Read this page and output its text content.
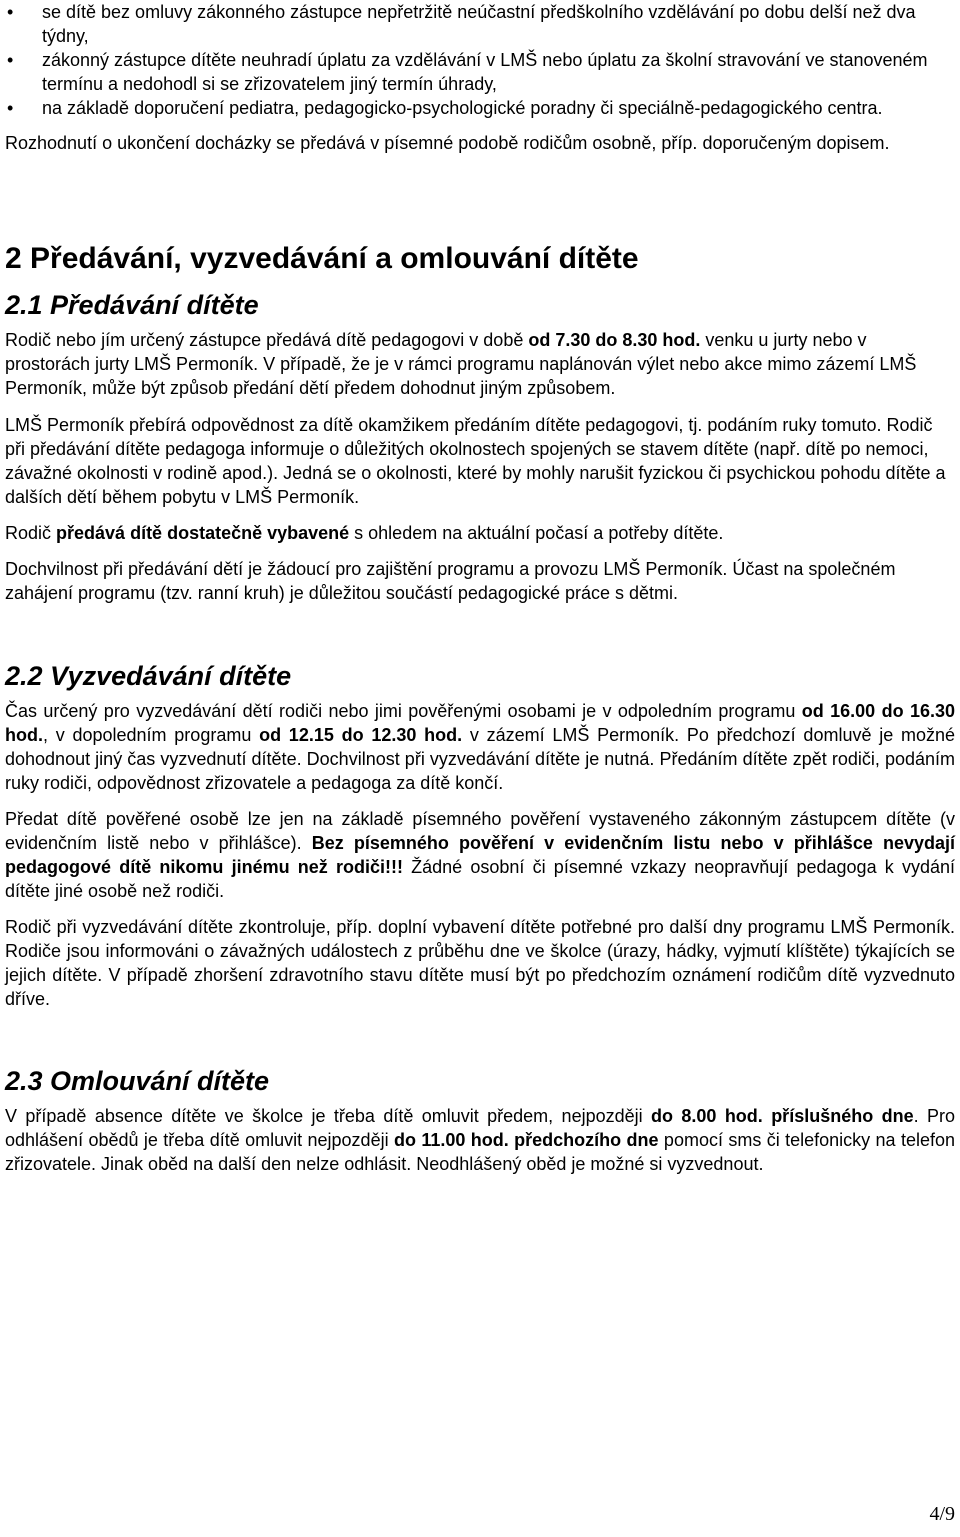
• se dítě bez omluvy zákonného zástupce nepřetržitě neúčastní předškolního vzdělávání po dobu delší než dva týdny,
• zákonný zástupce dítěte neuhradí úplatu za vzdělávání v LMŠ nebo úplatu za školní stravování ve stanoveném termínu a nedohodl si se zřizovatelem jiný termín úhrady,
• na základě doporučení pediatra, pedagogicko-psychologické poradny či speciálně-pedagogického centra.

Rozhodnutí o ukončení docházky se předává v písemné podobě rodičům osobně, příp. doporučeným dopisem.

2 Předávání, vyzvedávání a omlouvání dítěte
2.1 Předávání dítěte

Rodič nebo jím určený zástupce předává dítě pedagogovi v době od 7.30 do 8.30 hod. venku u jurty nebo v prostorách jurty LMŠ Permoník. V případě, že je v rámci programu naplánován výlet nebo akce mimo zázemí LMŠ Permoník, může být způsob předání dětí předem dohodnut jiným způsobem.

LMŠ Permoník přebírá odpovědnost za dítě okamžikem předáním dítěte pedagogovi, tj. podáním ruky tomuto. Rodič při předávání dítěte pedagoga informuje o důležitých okolnostech spojených se stavem dítěte (např. dítě po nemoci, závažné okolnosti v rodině apod.). Jedná se o okolnosti, které by mohly narušit fyzickou či psychickou pohodu dítěte a dalších dětí během pobytu v LMŠ Permoník.

Rodič předává dítě dostatečně vybavené s ohledem na aktuální počasí a potřeby dítěte.

Dochvilnost při předávání dětí je žádoucí pro zajištění programu a provozu LMŠ Permoník. Účast na společném zahájení programu (tzv. ranní kruh) je důležitou součástí pedagogické práce s dětmi.

2.2 Vyzvedávání dítěte

Čas určený pro vyzvedávání dětí rodiči nebo jimi pověřenými osobami je v odpoledním programu od 16.00 do 16.30 hod., v dopoledním programu od 12.15 do 12.30 hod. v zázemí LMŠ Permoník. Po předchozí domluvě je možné dohodnout jiný čas vyzvednutí dítěte. Dochvilnost při vyzvedávání dítěte je nutná. Předáním dítěte zpět rodiči, podáním ruky rodiči, odpovědnost zřizovatele a pedagoga za dítě končí.

Předat dítě pověřené osobě lze jen na základě písemného pověření vystaveného zákonným zástupcem dítěte (v evidenčním listě nebo v přihlášce). Bez písemného pověření v evidenčním listu nebo v přihlášce nevydají pedagogové dítě nikomu jinému než rodiči!!! Žádné osobní či písemné vzkazy neopravňují pedagoga k vydání dítěte jiné osobě než rodiči.

Rodič při vyzvedávání dítěte zkontroluje, příp. doplní vybavení dítěte potřebné pro další dny programu LMŠ Permoník. Rodiče jsou informováni o závažných událostech z průběhu dne ve školce (úrazy, hádky, vyjmutí klíštěte) týkajících se jejich dítěte. V případě zhoršení zdravotního stavu dítěte musí být po předchozím oznámení rodičům dítě vyzvednuto dříve.

2.3 Omlouvání dítěte

V případě absence dítěte ve školce je třeba dítě omluvit předem, nejpozději do 8.00 hod. příslušného dne. Pro odhlášení obědů je třeba dítě omluvit nejpozději do 11.00 hod. předchozího dne pomocí sms či telefonicky na telefon zřizovatele. Jinak oběd na další den nelze odhlásit. Neodhlášený oběd je možné si vyzvednout.

4/9
